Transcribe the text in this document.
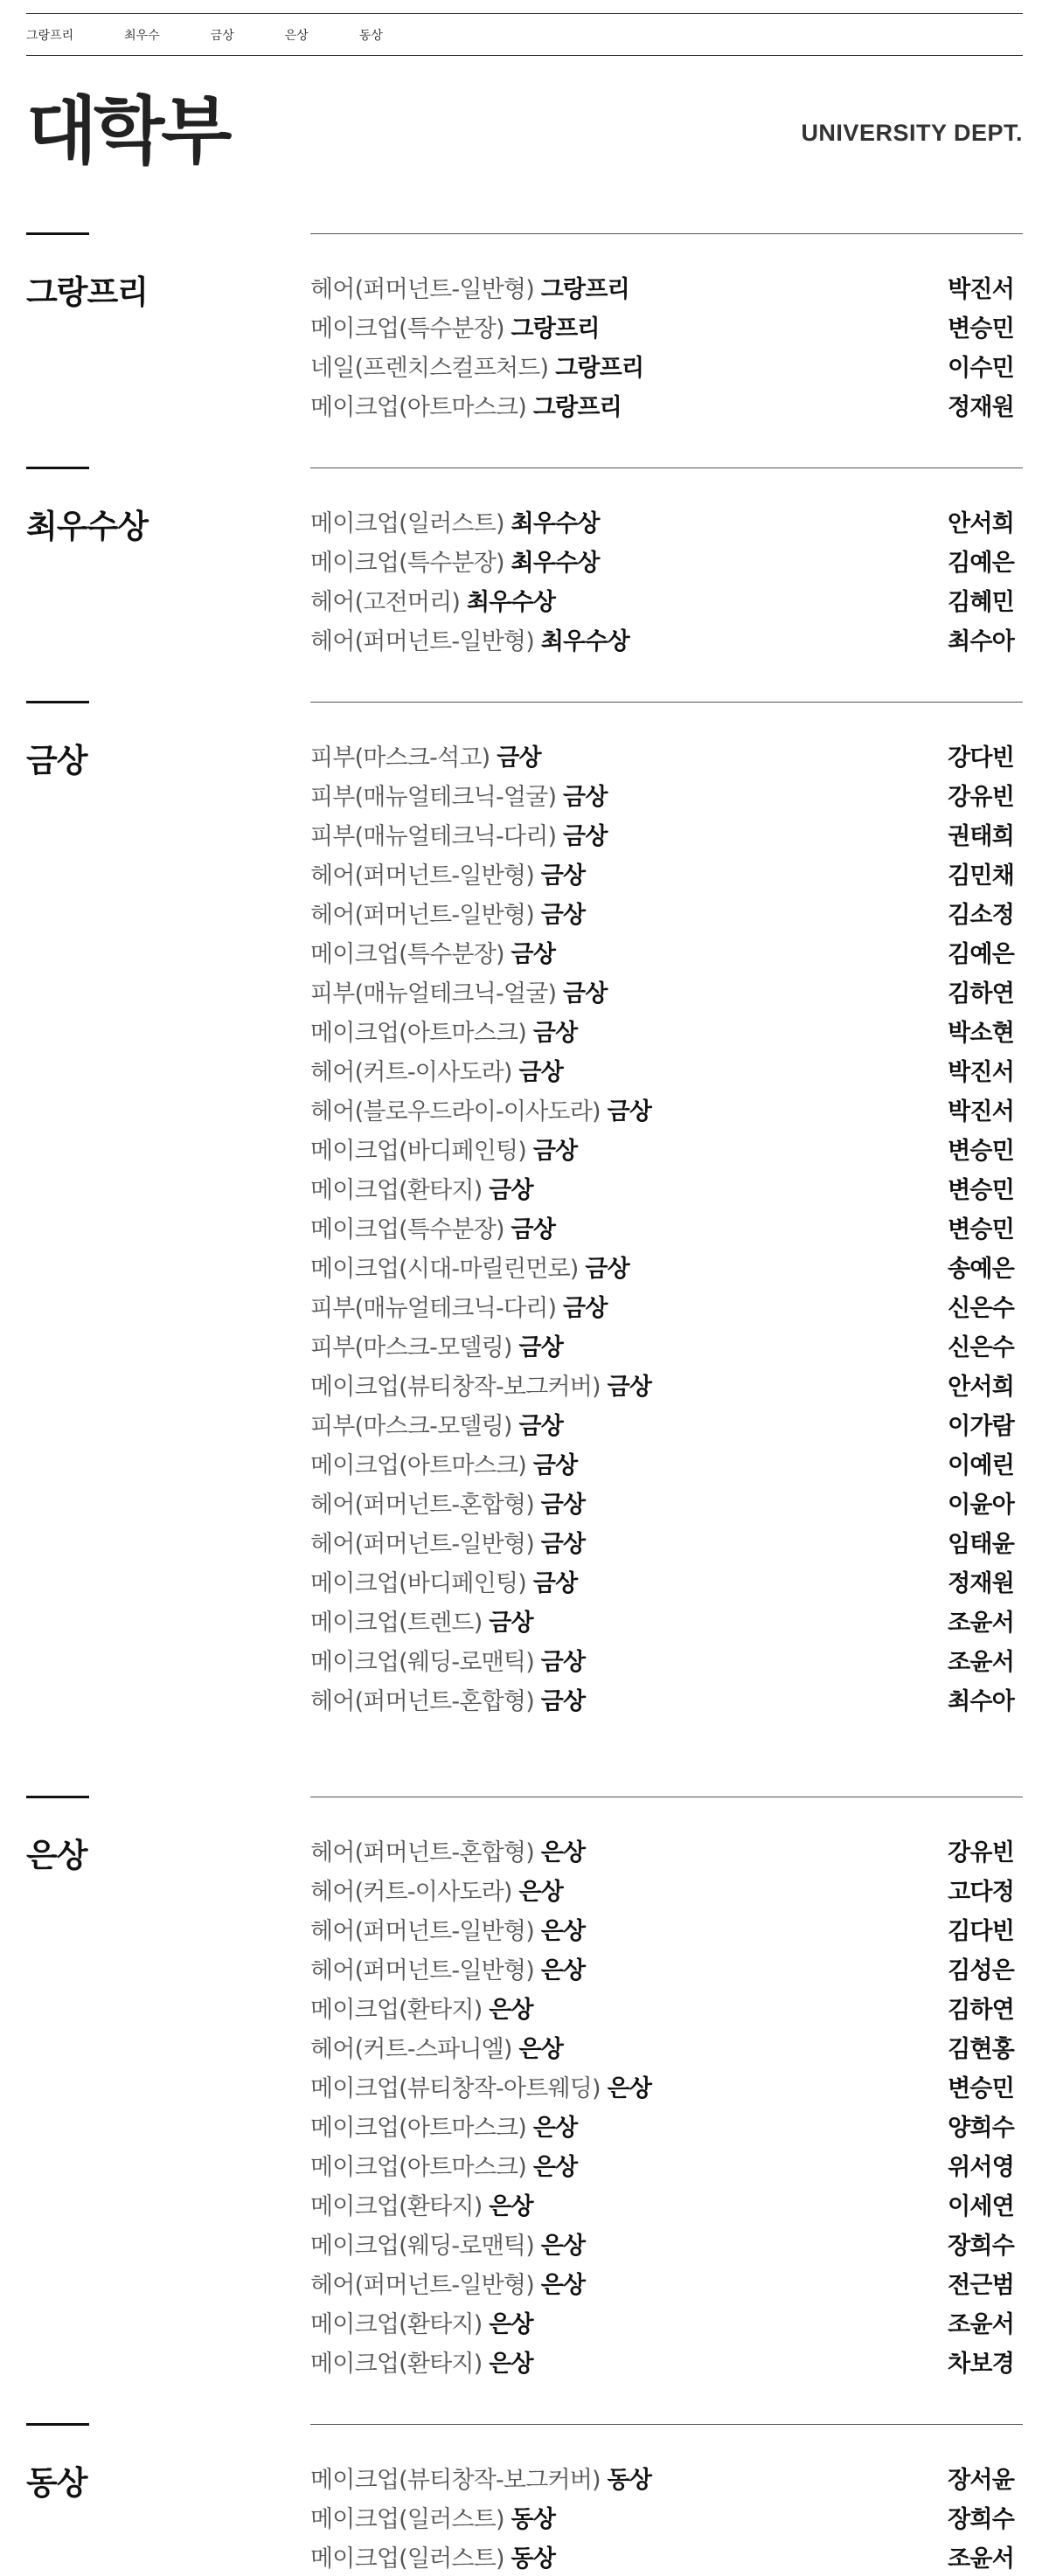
그랑프리	최우수	금상	은상	동상
대학부	UNIVERSITY DEPT.
그랑프리	헤어(퍼머넌트-일반형) 그랑프리	박진서
메이크업(특수분장) 그랑프리	변승민
네일(프렌치스컬프처드) 그랑프리	이수민
메이크업(아트마스크) 그랑프리	정재원
최우수상	메이크업(일러스트) 최우수상	안서희
메이크업(특수분장) 최우수상	김예은
헤어(고전머리) 최우수상	김혜민
헤어(퍼머넌트-일반형) 최우수상	최수아
금상	피부(마스크-석고) 금상	강다빈
피부(매뉴얼테크닉-얼굴) 금상	강유빈
피부(매뉴얼테크닉-다리) 금상	권태희
헤어(퍼머넌트-일반형) 금상	김민채
헤어(퍼머넌트-일반형) 금상	김소정
메이크업(특수분장) 금상	김예은
피부(매뉴얼테크닉-얼굴) 금상	김하연
메이크업(아트마스크) 금상	박소현
헤어(커트-이사도라) 금상	박진서
헤어(블로우드라이-이사도라) 금상	박진서
메이크업(바디페인팅) 금상	변승민
메이크업(환타지) 금상	변승민
메이크업(특수분장) 금상	변승민
메이크업(시대-마릴린먼로) 금상	송예은
피부(매뉴얼테크닉-다리) 금상	신은수
피부(마스크-모델링) 금상	신은수
메이크업(뷰티창작-보그커버) 금상	안서희
피부(마스크-모델링) 금상	이가람
메이크업(아트마스크) 금상	이예린
헤어(퍼머넌트-혼합형) 금상	이윤아
헤어(퍼머넌트-일반형) 금상	임태윤
메이크업(바디페인팅) 금상	정재원
메이크업(트렌드) 금상	조윤서
메이크업(웨딩-로맨틱) 금상	조윤서
헤어(퍼머넌트-혼합형) 금상	최수아
은상	헤어(퍼머넌트-혼합형) 은상	강유빈
헤어(커트-이사도라) 은상	고다정
헤어(퍼머넌트-일반형) 은상	김다빈
헤어(퍼머넌트-일반형) 은상	김성은
메이크업(환타지) 은상	김하연
헤어(커트-스파니엘) 은상	김현홍
메이크업(뷰티창작-아트웨딩) 은상	변승민
메이크업(아트마스크) 은상	양희수
메이크업(아트마스크) 은상	위서영
메이크업(환타지) 은상	이세연
메이크업(웨딩-로맨틱) 은상	장희수
헤어(퍼머넌트-일반형) 은상	전근범
메이크업(환타지) 은상	조윤서
메이크업(환타지) 은상	차보경
동상	메이크업(뷰티창작-보그커버) 동상	장서윤
메이크업(일러스트) 동상	장희수
메이크업(일러스트) 동상	조윤서
